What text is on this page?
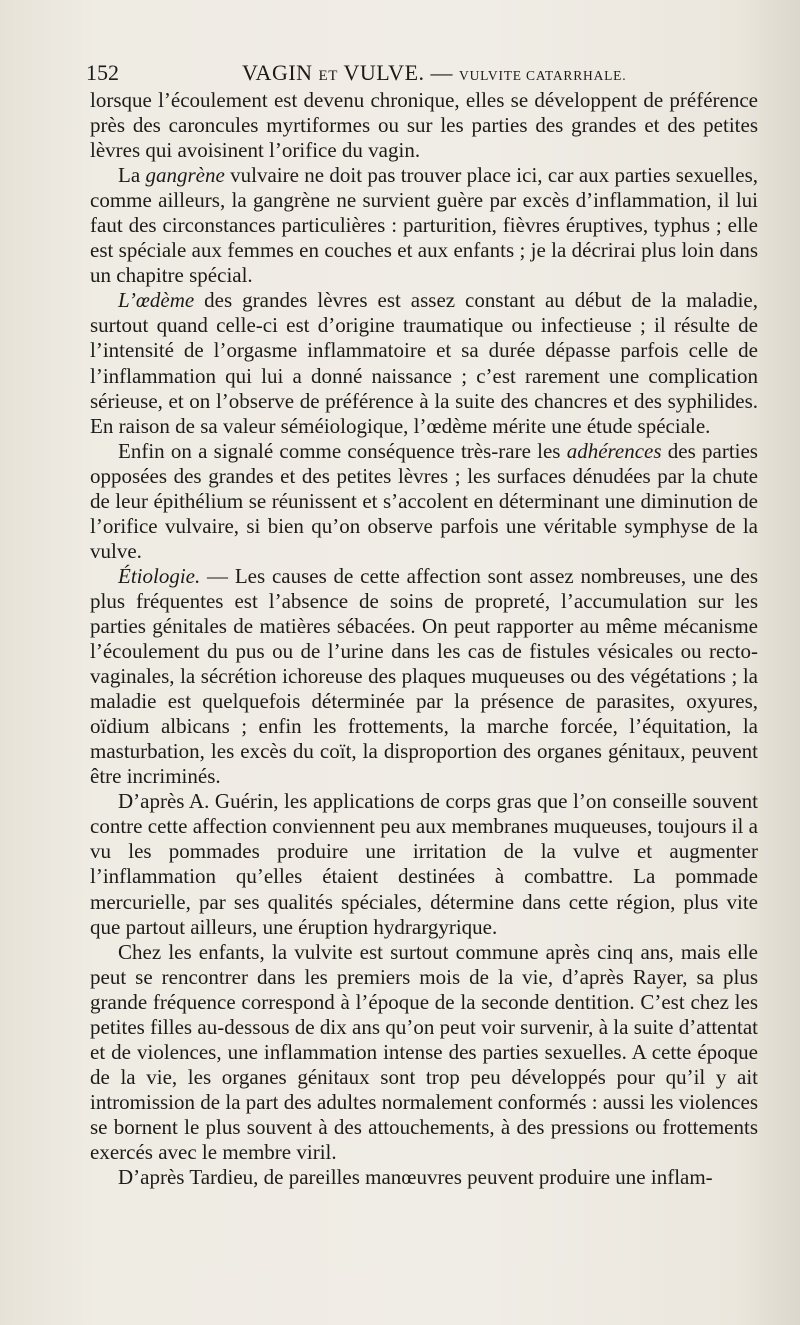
152	VAGIN ET VULVE. — VULVITE CATARRHALE.

lorsque l’écoulement est devenu chronique, elles se développent de préférence près des caroncules myrtiformes ou sur les parties des grandes et des petites lèvres qui avoisinent l’orifice du vagin.

La gangrène vulvaire ne doit pas trouver place ici, car aux parties sexuelles, comme ailleurs, la gangrène ne survient guère par excès d’inflammation, il lui faut des circonstances particulières : parturition, fièvres éruptives, typhus ; elle est spéciale aux femmes en couches et aux enfants ; je la décrirai plus loin dans un chapitre spécial.

L’œdème des grandes lèvres est assez constant au début de la maladie, surtout quand celle-ci est d’origine traumatique ou infectieuse ; il résulte de l’intensité de l’orgasme inflammatoire et sa durée dépasse parfois celle de l’inflammation qui lui a donné naissance ; c’est rarement une complication sérieuse, et on l’observe de préférence à la suite des chancres et des syphilides. En raison de sa valeur séméiologique, l’œdème mérite une étude spéciale.

Enfin on a signalé comme conséquence très-rare les adhérences des parties opposées des grandes et des petites lèvres ; les surfaces dénudées par la chute de leur épithélium se réunissent et s’accolent en déterminant une diminution de l’orifice vulvaire, si bien qu’on observe parfois une véritable symphyse de la vulve.

Étiologie. — Les causes de cette affection sont assez nombreuses, une des plus fréquentes est l’absence de soins de propreté, l’accumulation sur les parties génitales de matières sébacées. On peut rapporter au même mécanisme l’écoulement du pus ou de l’urine dans les cas de fistules vésicales ou recto-vaginales, la sécrétion ichoreuse des plaques muqueuses ou des végétations ; la maladie est quelquefois déterminée par la présence de parasites, oxyures, oïdium albicans ; enfin les frottements, la marche forcée, l’équitation, la masturbation, les excès du coït, la disproportion des organes génitaux, peuvent être incriminés.

D’après A. Guérin, les applications de corps gras que l’on conseille souvent contre cette affection conviennent peu aux membranes muqueuses, toujours il a vu les pommades produire une irritation de la vulve et augmenter l’inflammation qu’elles étaient destinées à combattre. La pommade mercurielle, par ses qualités spéciales, détermine dans cette région, plus vite que partout ailleurs, une éruption hydrargyrique.

Chez les enfants, la vulvite est surtout commune après cinq ans, mais elle peut se rencontrer dans les premiers mois de la vie, d’après Rayer, sa plus grande fréquence correspond à l’époque de la seconde dentition. C’est chez les petites filles au-dessous de dix ans qu’on peut voir survenir, à la suite d’attentat et de violences, une inflammation intense des parties sexuelles. A cette époque de la vie, les organes génitaux sont trop peu développés pour qu’il y ait intromission de la part des adultes normalement conformés : aussi les violences se bornent le plus souvent à des attouchements, à des pressions ou frottements exercés avec le membre viril.

D’après Tardieu, de pareilles manœuvres peuvent produire une inflam-
